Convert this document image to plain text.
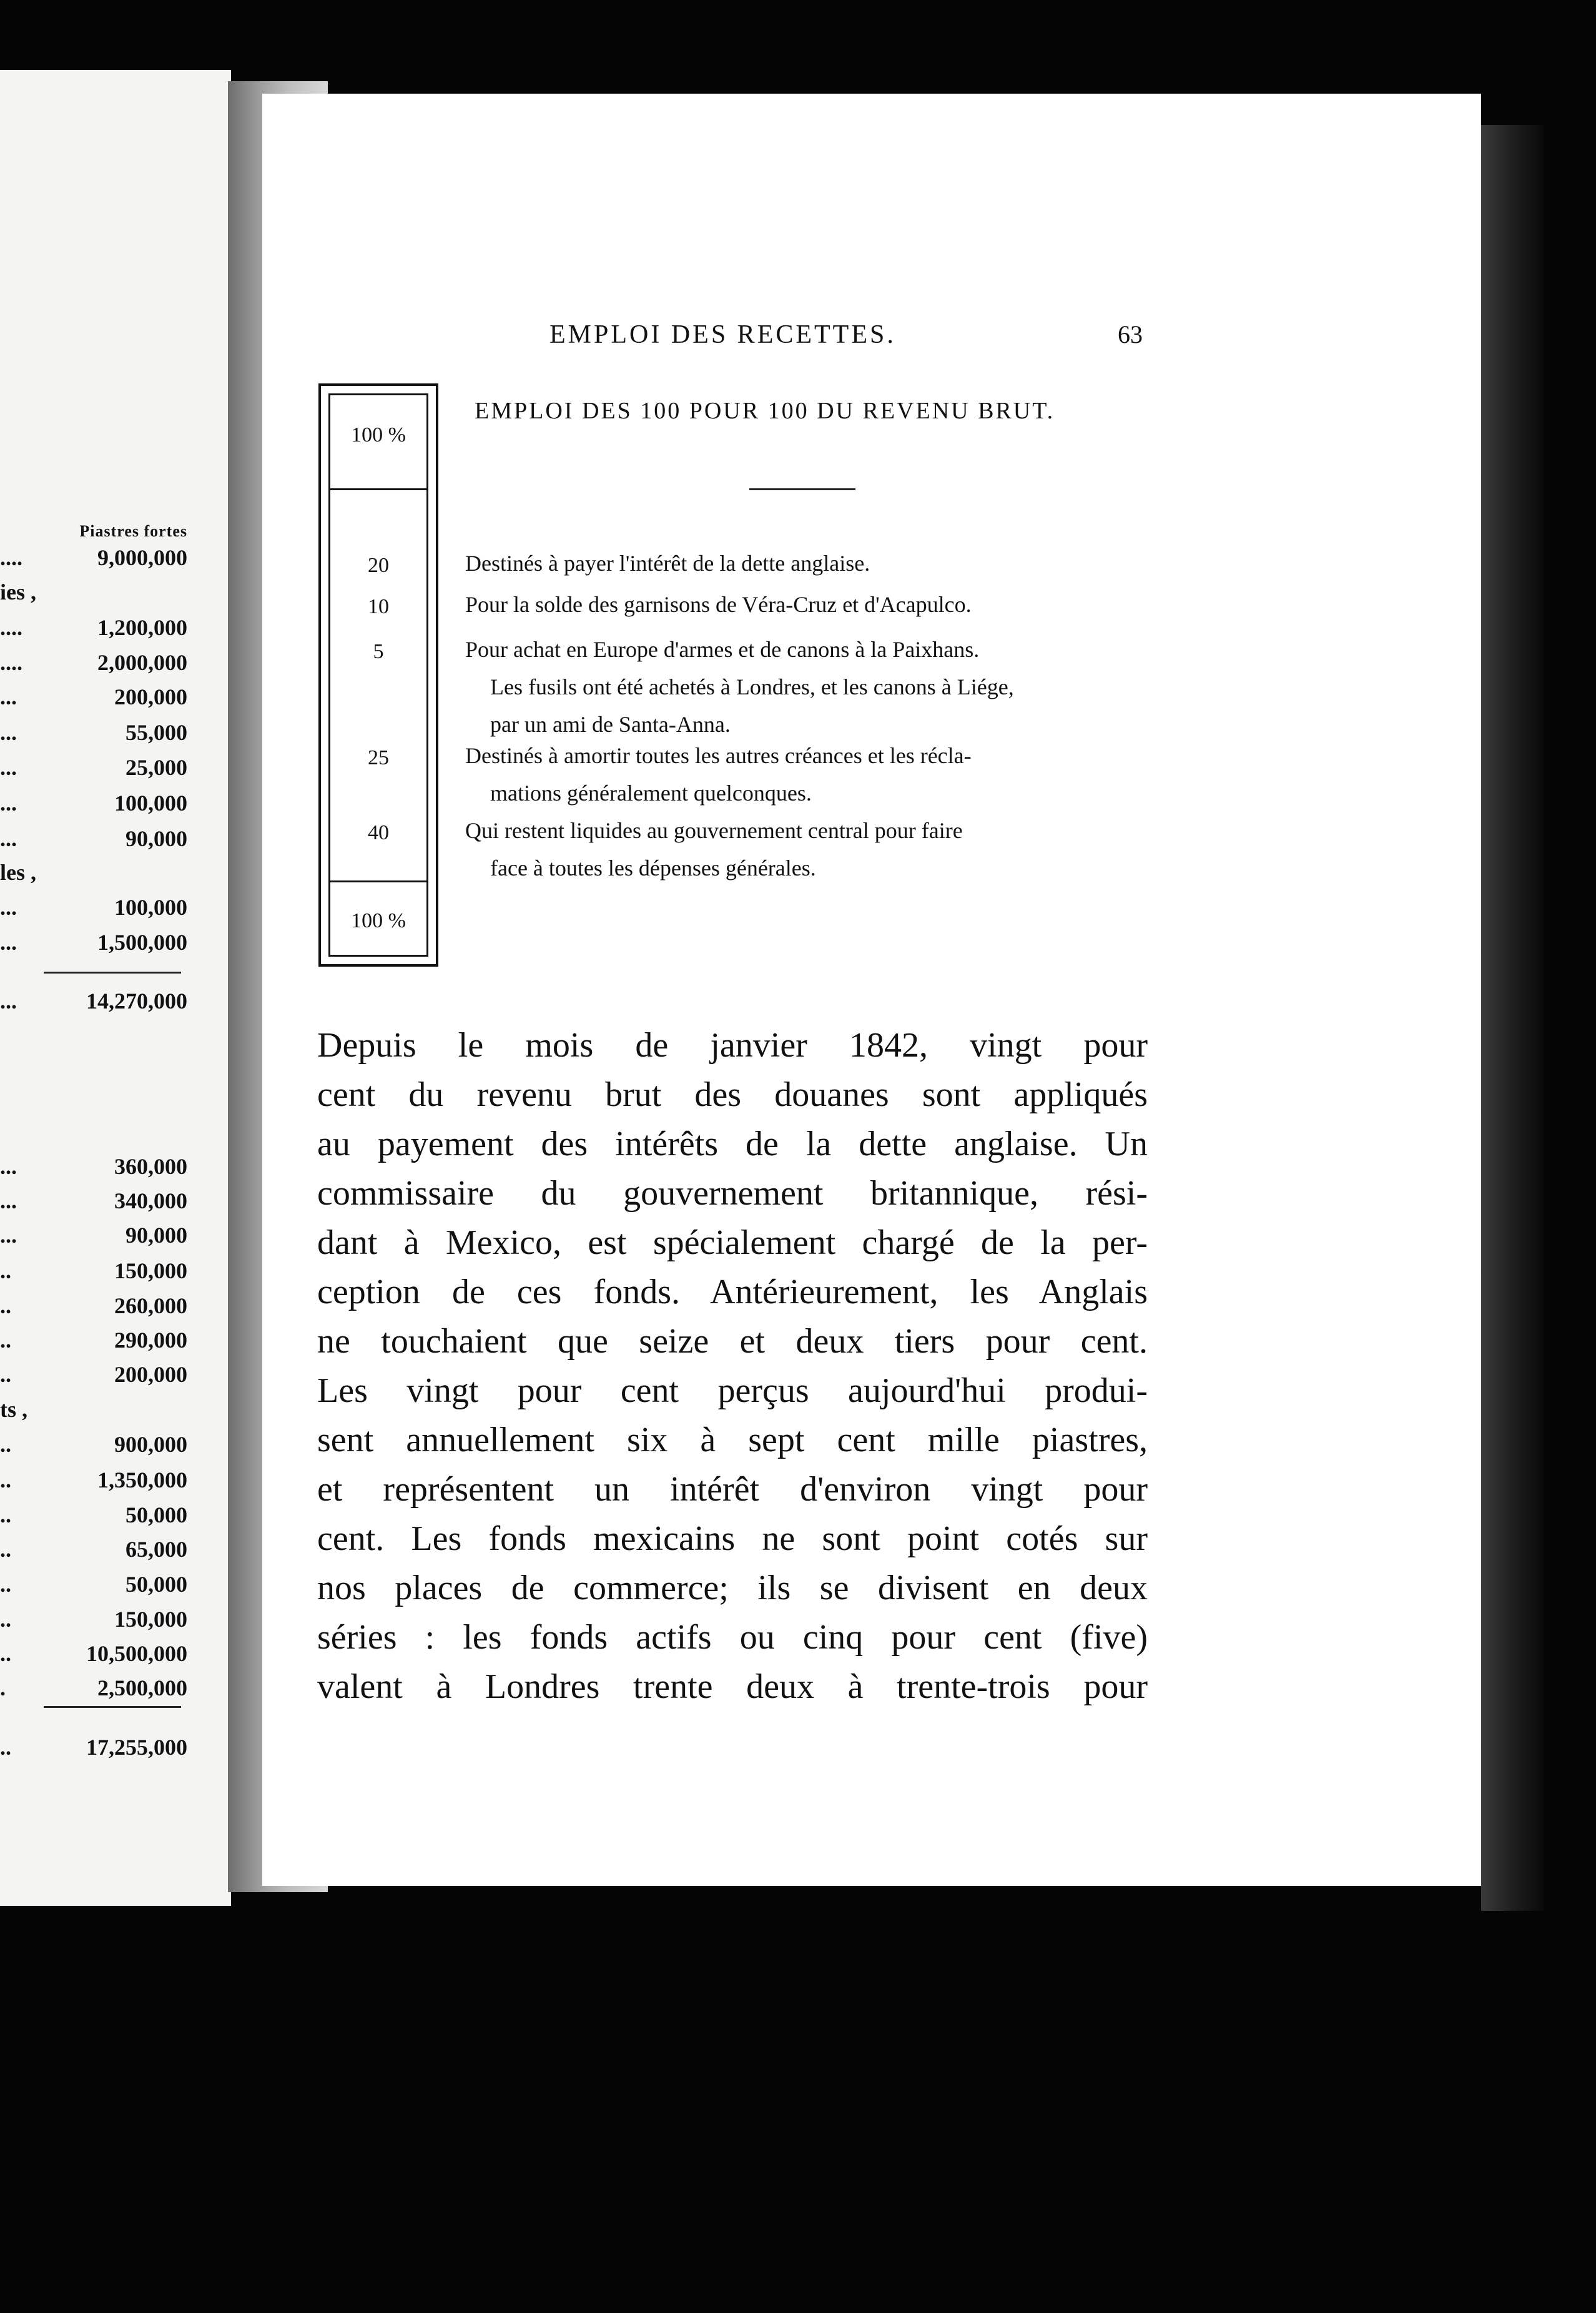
Piastres fortes
....	9,000,000
ies ,
....	1,200,000
....	2,000,000
...	200,000
...	55,000
...	25,000
...	100,000
...	90,000
les ,
...	100,000
...	1,500,000
...	14,270,000
...	360,000
...	340,000
...	90,000
..	150,000
..	260,000
..	290,000
..	200,000
ts ,
..	900,000
..	1,350,000
..	50,000
..	65,000
..	50,000
..	150,000
..	10,500,000
.	2,500,000
..	17,255,000
EMPLOI DES RECETTES.	63
EMPLOI DES 100 POUR 100 DU REVENU BRUT.
100 %
100 %
20	Destinés à payer l'intérêt de la dette anglaise.
10	Pour la solde des garnisons de Véra-Cruz et d'Acapulco.
5	Pour achat en Europe d'armes et de canons à la Paixhans.
Les fusils ont été achetés à Londres, et les canons à Liége,
par un ami de Santa-Anna.
25	Destinés à amortir toutes les autres créances et les récla-
mations généralement quelconques.
40	Qui restent liquides au gouvernement central pour faire
face à toutes les dépenses générales.
Depuis le mois de janvier 1842, vingt pour
cent du revenu brut des douanes sont appliqués
au payement des intérêts de la dette anglaise. Un
commissaire du gouvernement britannique, rési-
dant à Mexico, est spécialement chargé de la per-
ception de ces fonds. Antérieurement, les Anglais
ne touchaient que seize et deux tiers pour cent.
Les vingt pour cent perçus aujourd'hui produi-
sent annuellement six à sept cent mille piastres,
et représentent un intérêt d'environ vingt pour
cent. Les fonds mexicains ne sont point cotés sur
nos places de commerce; ils se divisent en deux
séries : les fonds actifs ou cinq pour cent (five)
valent à Londres trente deux à trente-trois pour
